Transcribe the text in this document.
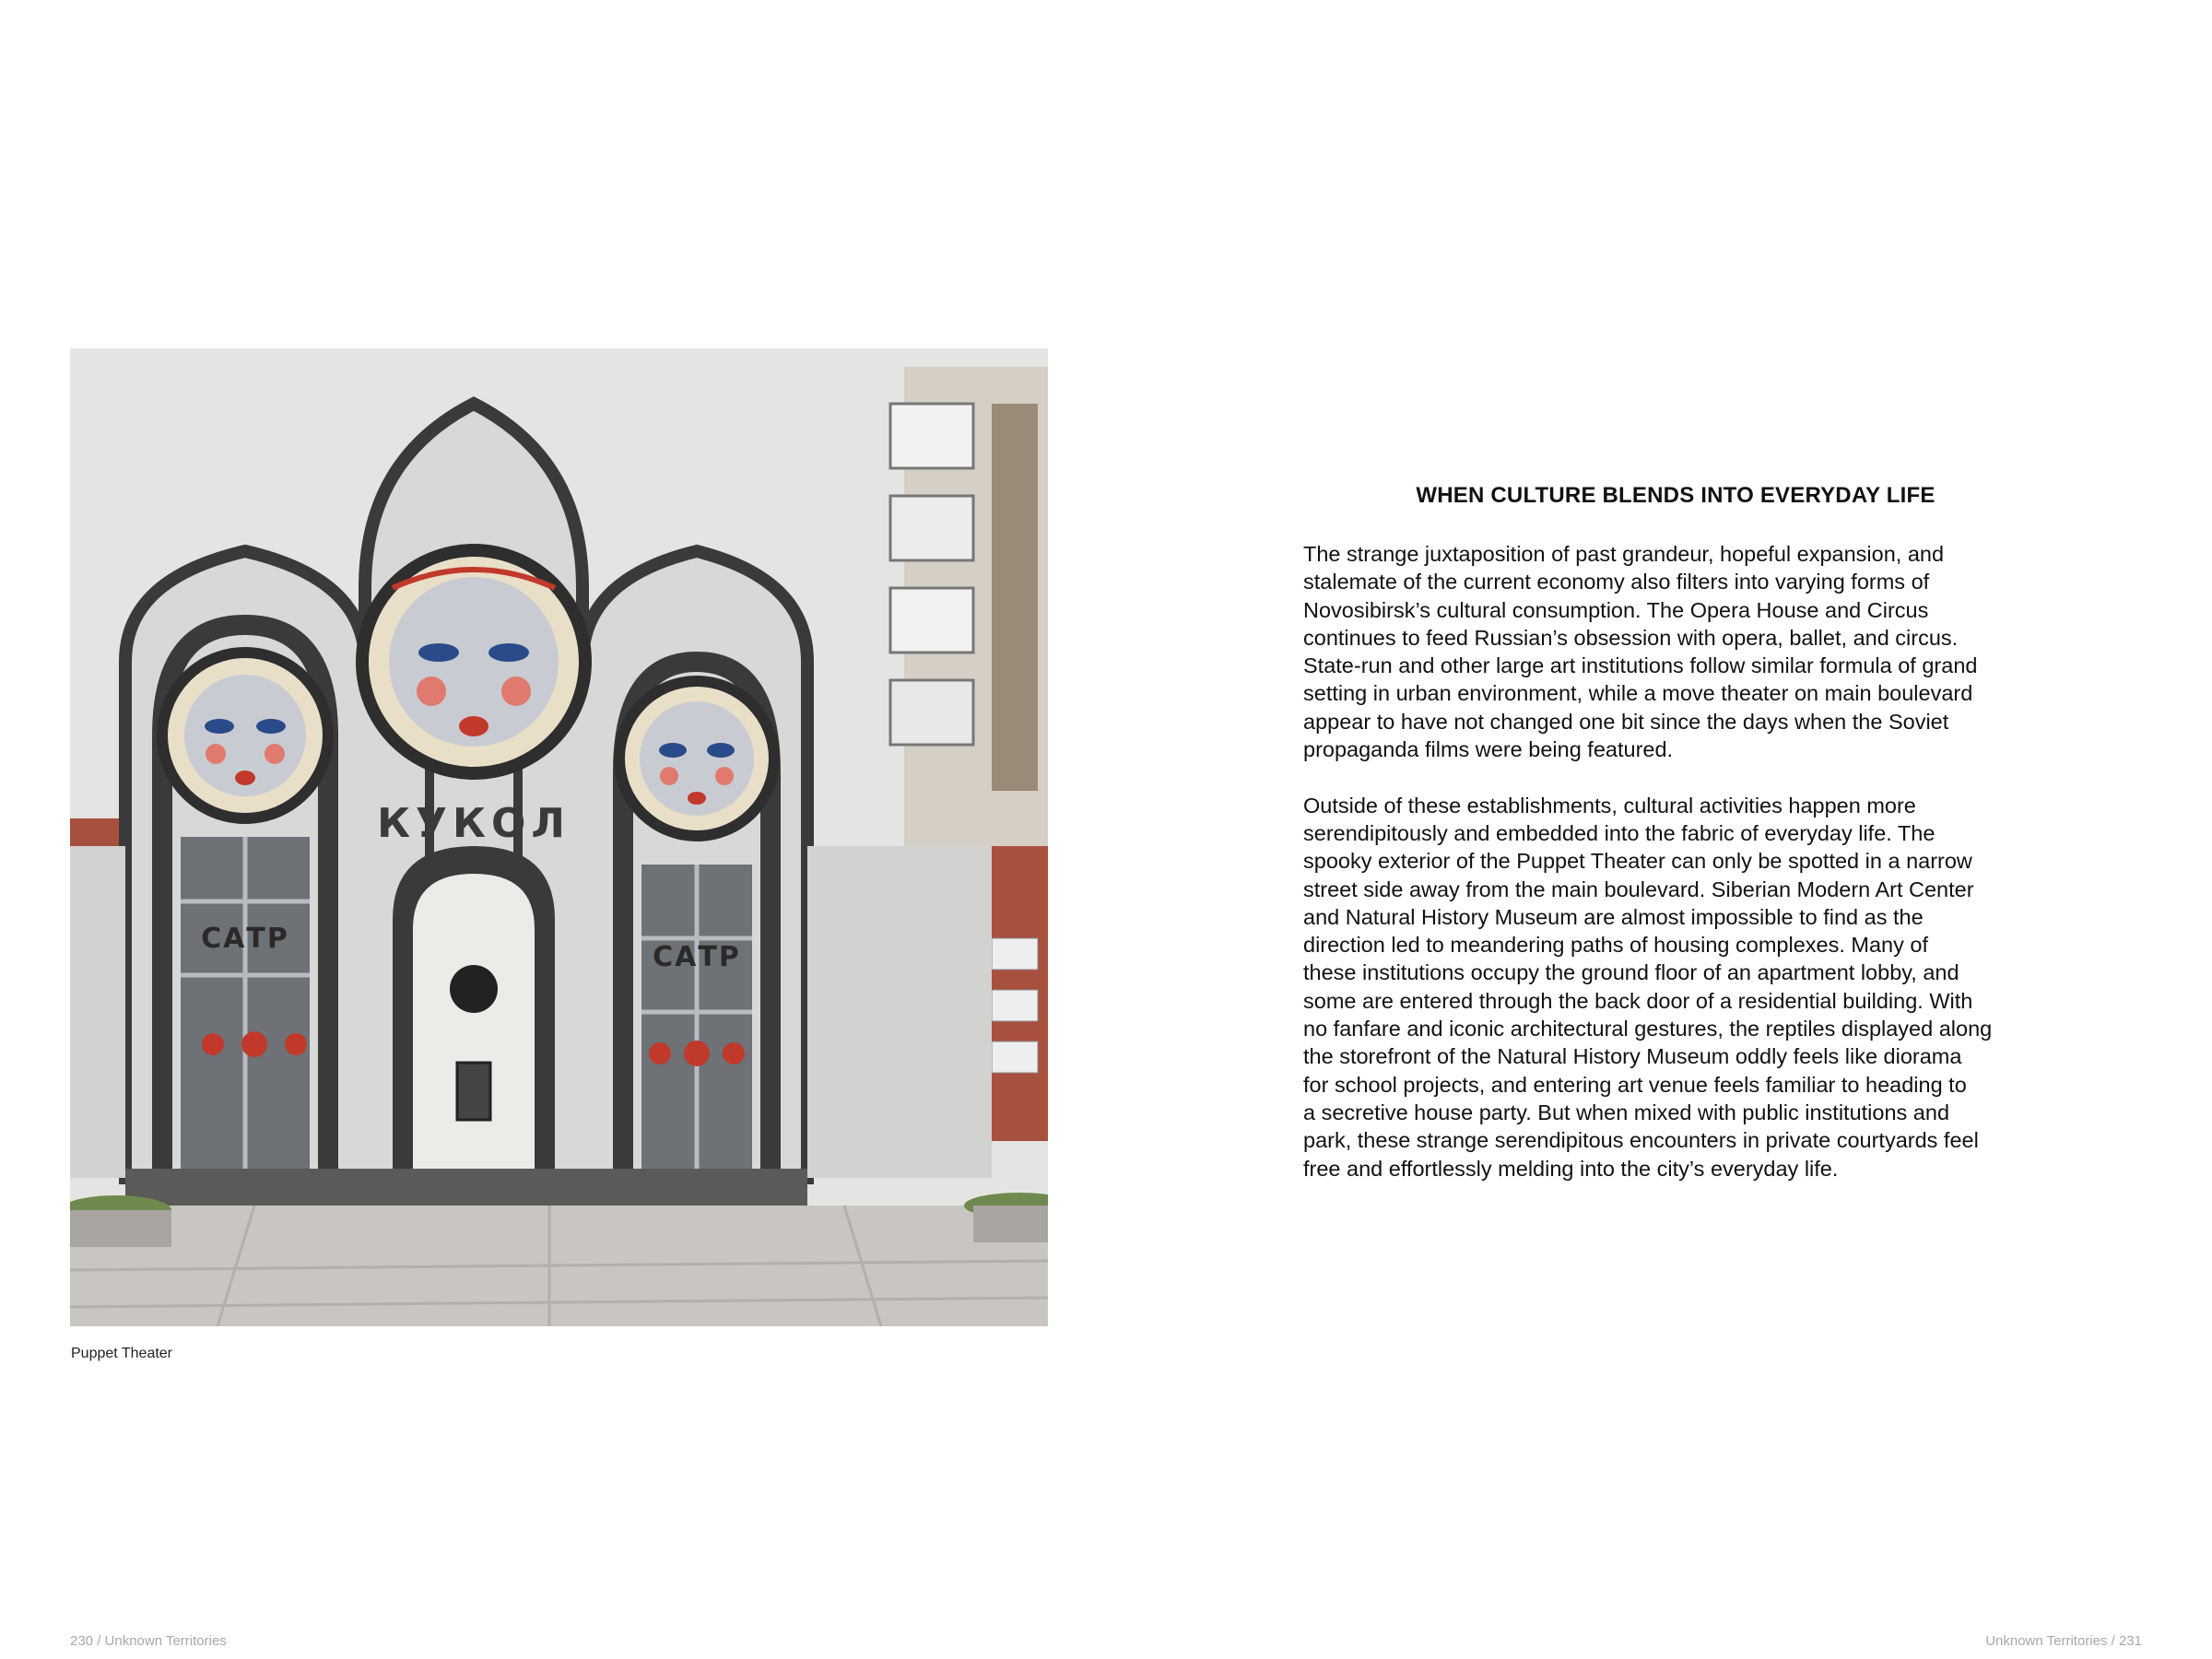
КУКОЛ
САТР
САТР
Puppet Theater
WHEN CULTURE BLENDS INTO EVERYDAY LIFE
The strange juxtaposition of past grandeur, hopeful expansion, and
stalemate of the current economy also filters into varying forms of
Novosibirsk’s cultural consumption. The Opera House and Circus
continues to feed Russian’s obsession with opera, ballet, and circus.
State-run and other large art institutions follow similar formula of grand
setting in urban environment, while a move theater on main boulevard
appear to have not changed one bit since the days when the Soviet
propaganda films were being featured.
Outside of these establishments, cultural activities happen more
serendipitously and embedded into the fabric of everyday life. The
spooky exterior of the Puppet Theater can only be spotted in a narrow
street side away from the main boulevard. Siberian Modern Art Center
and Natural History Museum are almost impossible to find as the
direction led to meandering paths of housing complexes. Many of
these institutions occupy the ground floor of an apartment lobby, and
some are entered through the back door of a residential building. With
no fanfare and iconic architectural gestures, the reptiles displayed along
the storefront of the Natural History Museum oddly feels like diorama
for school projects, and entering art venue feels familiar to heading to
a secretive house party. But when mixed with public institutions and
park, these strange serendipitous encounters in private courtyards feel
free and effortlessly melding into the city’s everyday life.
230 / Unknown Territories	Unknown Territories / 231
